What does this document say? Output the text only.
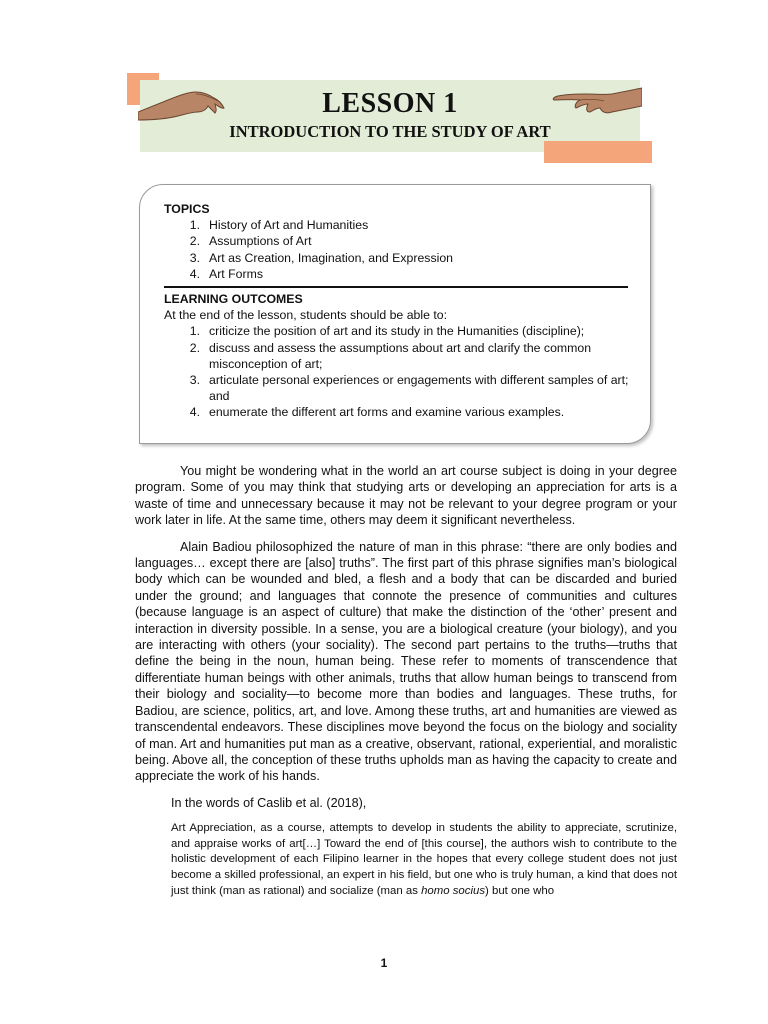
LESSON 1
INTRODUCTION TO THE STUDY OF ART
TOPICS
1. History of Art and Humanities
2. Assumptions of Art
3. Art as Creation, Imagination, and Expression
4. Art Forms
LEARNING OUTCOMES
At the end of the lesson, students should be able to:
1. criticize the position of art and its study in the Humanities (discipline);
2. discuss and assess the assumptions about art and clarify the common misconception of art;
3. articulate personal experiences or engagements with different samples of art; and
4. enumerate the different art forms and examine various examples.

You might be wondering what in the world an art course subject is doing in your degree program. Some of you may think that studying arts or developing an appreciation for arts is a waste of time and unnecessary because it may not be relevant to your degree program or your work later in life. At the same time, others may deem it significant nevertheless.

Alain Badiou philosophized the nature of man in this phrase: “there are only bodies and languages… except there are [also] truths”. The first part of this phrase signifies man’s biological body which can be wounded and bled, a flesh and a body that can be discarded and buried under the ground; and languages that connote the presence of communities and cultures (because language is an aspect of culture) that make the distinction of the ‘other’ present and interaction in diversity possible. In a sense, you are a biological creature (your biology), and you are interacting with others (your sociality). The second part pertains to the truths—truths that define the being in the noun, human being. These refer to moments of transcendence that differentiate human beings with other animals, truths that allow human beings to transcend from their biology and sociality—to become more than bodies and languages. These truths, for Badiou, are science, politics, art, and love. Among these truths, art and humanities are viewed as transcendental endeavors. These disciplines move beyond the focus on the biology and sociality of man. Art and humanities put man as a creative, observant, rational, experiential, and moralistic being. Above all, the conception of these truths upholds man as having the capacity to create and appreciate the work of his hands.

In the words of Caslib et al. (2018),

Art Appreciation, as a course, attempts to develop in students the ability to appreciate, scrutinize, and appraise works of art[…] Toward the end of [this course], the authors wish to contribute to the holistic development of each Filipino learner in the hopes that every college student does not just become a skilled professional, an expert in his field, but one who is truly human, a kind that does not just think (man as rational) and socialize (man as homo socius) but one who

1
